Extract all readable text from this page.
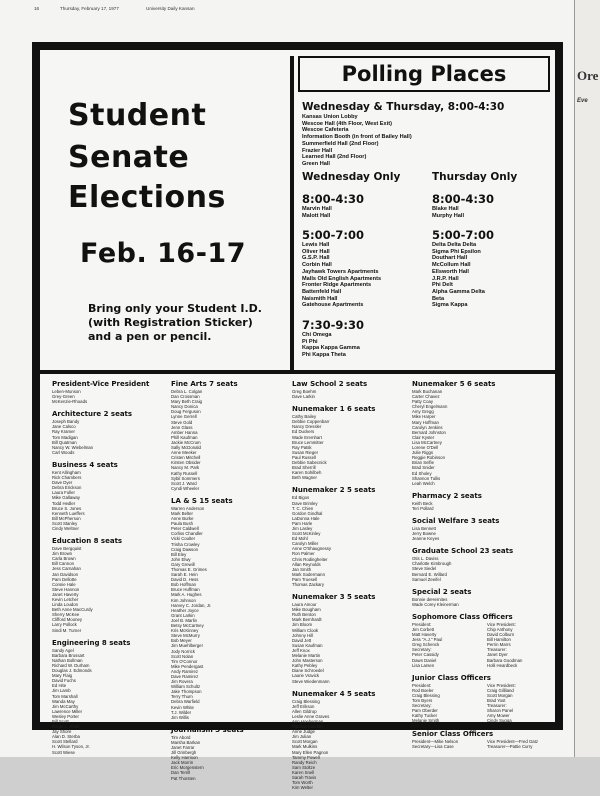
16	Thursday, February 17, 1977	University Daily Kansan
Student
Senate
Elections
Feb. 16-17
Bring only your Student I.D. (with Registration Sticker) and a pen or pencil.
Polling Places
Wednesday & Thursday, 8:00-4:30
Kansas Union Lobby
Wescoe Hall (4th Floor, West Exit)
Wescoe Cafeteria
Information Booth (in front of Bailey Hall)
Summerfield Hall (2nd Floor)
Frazier Hall
Learned Hall (2nd Floor)
Green Hall
Wednesday Only
8:00-4:30
Marvin Hall
Malott Hall
5:00-7:00
Lewis Hall
Oliver Hall
G.S.P. Hall
Corbin Hall
Jayhawk Towers Apartments
Malls Old English Apartments
Fronter Ridge Apartments
Battenfeld Hall
Naismith Hall
Gatehouse Apartments
7:30-9:30
Chi Omega
Pi Phi
Kappa Kappa Gamma
Phi Kappa Theta
Thursday Only
8:00-4:30
Blake Hall
Murphy Hall
5:00-7:00
Delta Delta Delta
Sigma Phi Epsilon
Douthart Hall
McCollum Hall
Ellsworth Hall
J.R.P. Hall
Phi Delt
Alpha Gamma Delta
Beta
Sigma Kappa
President-Vice President
Leben-Munson
Grey-Green
McKenzie-Rhoads
Architecture 2 seats
Joseph Bandy
Jane Calsco
Ray Kramer
Tom Madigan
Bill Quatman
Nancy W. Wiebelman
Carl Woods
Business 4 seats
Kent Allingham
Rick Chambers
Dave Dyer
Debra Erickson
Laura Fuller
Mike Gallaway
Todd Hedler
Bruce S. Jones
Kenneth Lueffers
Bill McPherson
Scott Stanley
Cindy Weltner
Education 8 seats
Dave Bergquist
Jim Brown
Carla Brown
Bill Cannon
Jess Carnahan
Jan Davidson
Pam Dellotte
Connie Hale
Steve Hannon
Janet Haverty
Kevin Letcher
Linda Loudon
Beth Anne MacCurdy
Sherry McKee
Clifford Mooney
Larry Pollock
Sindi M. Turner
Engineering 8 seats
Sandy Agel
Barbara Brossart
Nathan Bollman
Richard W. Durham
Douglas J. Edmonds
Mary Flaig
David Fuchs
Ed Hite
Jim Lamb
Tom Marshall
Wanda May
Jim McCarthy
Lawrence Miller
Wesley Porter
Bill Scott
Roger L. Shell
Jay Shore
Alan D. Sterba
Scott Stellard
H. Wilson Tyson, Jr.
Scott Wiese
Fine Arts 7 seats
Debra L. Colgan
Dan Crossman
Mary Beth Craig
Nancy Donica
Doug Ferguson
Lynne Gerrell
Steve Gold
Jenn Glass
Amber Hanna
Phill Kaufman
Jackie McCrum
Sally McDonald
Anne Meeker
Cristen Mitchell
Kirsten Obsider
Nancy M. Park
Kathy Russell
Sybil Sommers
Scott J. Ward
Cyndi Wheeler
LA & S 15 seats
Warren Anderson
Mark Belter
Anne Burke
Paula Bush
Peter Caldwell
Corliss Chandler
Vicki Coulter
Trisha Crowley
Craig Dawson
Bill Eley
John Elwy
Gary Grewill
Thomas E. Grimes
Sarah E. Hein
David D. Hess
Bob Hoffman
Bruce Huffman
Mark A. Hughes
Kim Johnson
Harvey C. Jordan, Jr.
Heather Joyce
Grant Larkin
Joel B. Marlin
Betsy McCartney
Kris McKinney
Steve McMurry
Bob Meyer
Jim Muehlberger
Jody Norrick
Scott Nolan
Tim O'Connor
Mike Pendergast
Andy Ramirez
Dave Ramirez
Jim Rovera
William Schultz
Jake Thompson
Terry Thum
Debra Warfield
Kevin White
T.J. Wilder
Jim Willis
Journalism 3 seats
Tim Abord
Marsha Barkan
Janet Farrar
Jill Grinbergh
Kelly Harrison
Jack Morrin
Eric Morgenstern
Dan Terrill
Pat Thorsten
Law School 2 seats
Greg Boehm
Dave Larkin
Nunemaker 1 6 seats
Cathy Bailey
Debbie Coppenbarr
Nancy Dressler
Ed Duckers
Wade Eremhart
Bruce Lemmitter
Ray Patsk
Susan Rieger
Paul Russell
Debbie Sabecnick
Brad Sherrill
Karen Sohilbeh
Beth Wagner
Nunemaker 2 5 seats
Ed Bigos
Dave Brimley
T. C. Chien
Gordon Gindhal
LaDonna Hale
Pam Harle
Jim Lasley
Scott McKinley
Ed Mohl
Carolyn Miller
Anne O'Shaugnessy
Ron Palmer
Chris Rodingheiter
Allan Reynolds
Jan Smith
Mark Sodermann
Pam Truesell
Thomas Zackary
Nunemaker 3 5 seats
Laura Amour
Mike Bougham
Ruth Benton
Mark Bernhardt
Jim Bloom
William Clook
Johnny Hill
David Jett
Susan Kaufman
Jeff Knox
Melanie Martin
John Masterson
Kathy Pebley
Diane Schroedel
Laurie Vravick
Steve Wiedenmann
Nunemaker 4 5 seats
Craig Blessing
Jeff Erikson
Allen Gildrop
Leslie Anne Graves
Ann Hoeberman
Patricia Hundley
Anne Judge
Jim Julian
Scott Morgan
Mark Mulkins
Mary Ellen Pagnon
Tammy Powell
Randy Reich
Sam Stoltze
Karen Snell
Sarah Travis
Tom Worth
Kim Welter
Nunemaker 5 6 seats
Mark Buchanan
Carter Chavez
Patty Coay
Cheryl Engelmann
Amy Gregg
Mike Harper
Mary Hoffman
Carolyn Jenkins
Bernard Johnston
Clair Kyster
Lisa McCartney
Lorene O'Dell
Julie Riggs
Reggie Robinson
Brian Selfie
Brad Snider
Ed Sholey
Shannon Tullis
Leah Welch
Pharmacy 2 seats
Keith Beck
Teri Pollard
Social Welfare 3 seats
Lisa Bennett
Jerry Bowne
Jeanne Keyes
Graduate School 23 seats
Otis L. Daviss
Charlotte Kimbrough
Steve Siedel
Bernard E. Willard
Samuel Zeeifel
Special 2 seats
Bonnie deHernites
Wade Corey Kleinerman
Sophomore Class Officers
President:
Jim Corbett
Matt Haverty
Jess "A.J." Paul
Greg Schenck
Secretary:
Peter Cassidy
Dawn Daniel
Lisa Larsen
Vice President:
Chip Anthony
David Colburn
Bill Hamilton
Perrin Marrs
Treasurer:
Janet Dyer
Barbara Goodman
Holli Heardbeck
Junior Class Officers
President:
Rod Boeler
Craig Blessing
Tom Byers
Secretary:
Pam Oberder
Kathy Tucker
Melanie Smith
Vice President:
Craig Gilliland
Scott Morgan
Brad Yost
Treasurer:
Sharon Panel
Amy Mower
Cindy Sugga
Senior Class Officers
President—Mike Nelson
Secretary—Lisa Case
Vice President—Fred Gatz
Treasurer—Pattie Curry
Ore
Eve
